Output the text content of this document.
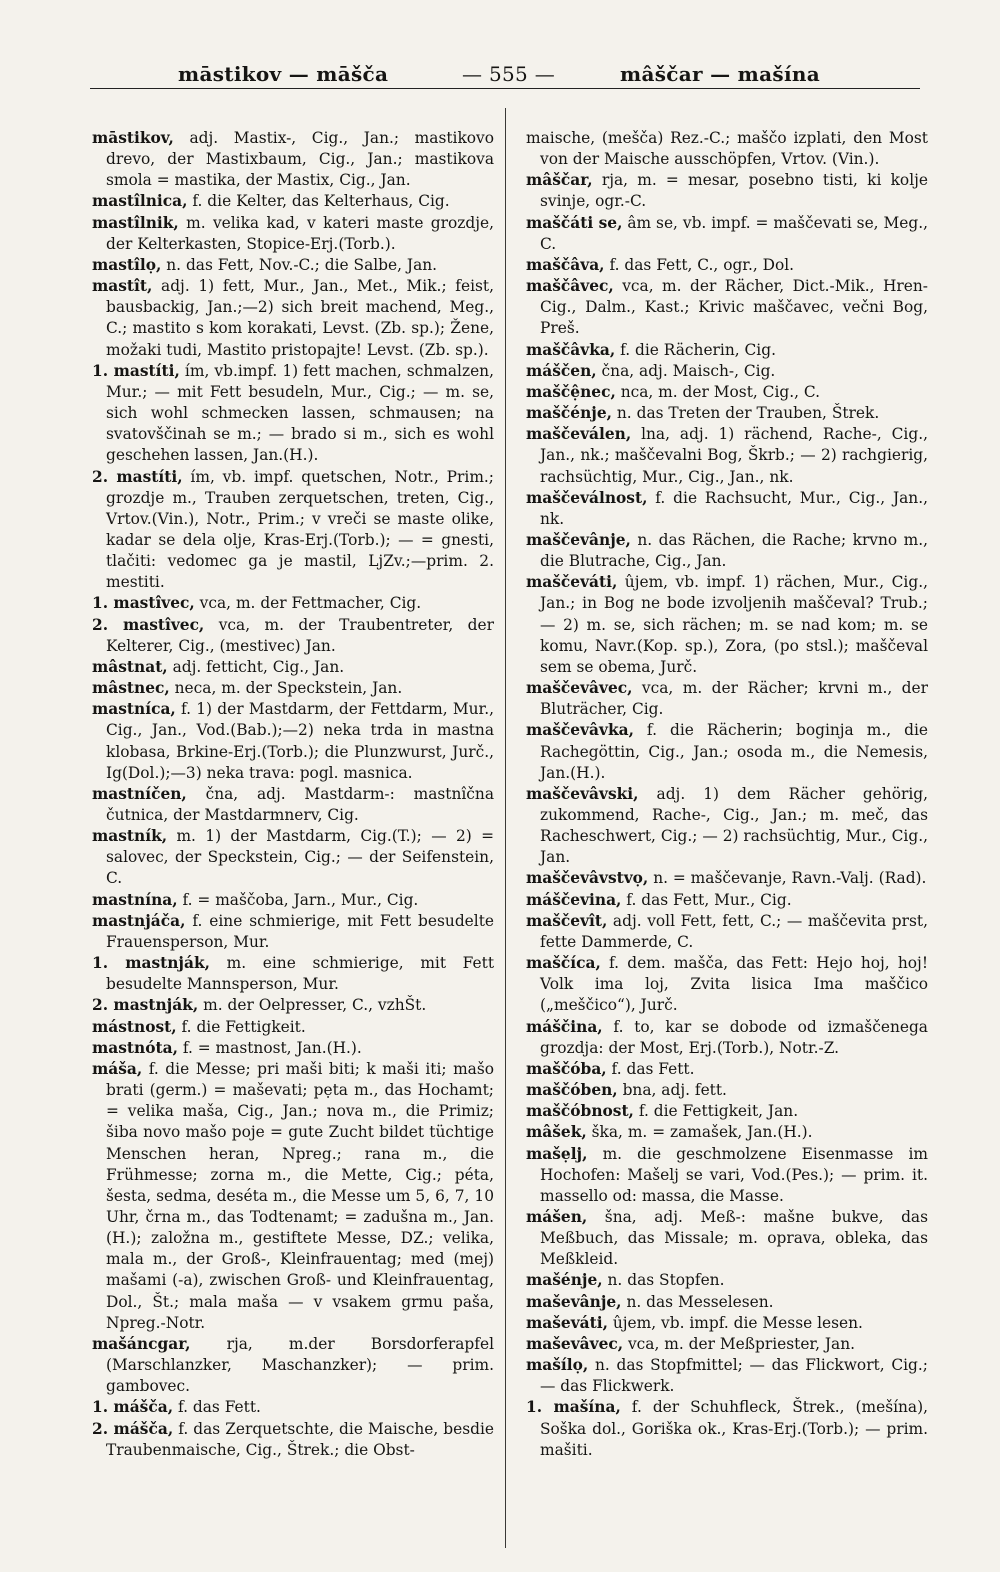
māstikov — māšča	— 555 —	mâščar — mašína

māstikov, adj. Mastix-, Cig., Jan.; mastikovo drevo, der Mastixbaum, Cig., Jan.; mastikova smola = mastika, der Mastix, Cig., Jan.

mastîlnica, f. die Kelter, das Kelterhaus, Cig.

mastîlnik, m. velika kad, v kateri maste grozdje, der Kelterkasten, Stopice-Erj.(Torb.).

mastîlọ, n. das Fett, Nov.-C.; die Salbe, Jan.

mastît, adj. 1) fett, Mur., Jan., Met., Mik.; feist, bausbackig, Jan.;—2) sich breit machend, Meg., C.; mastito s kom korakati, Levst. (Zb. sp.); Žene, možaki tudi, Mastito pristopajte! Levst. (Zb. sp.).

1. mastíti, ím, vb.impf. 1) fett machen, schmalzen, Mur.; — mit Fett besudeln, Mur., Cig.; — m. se, sich wohl schmecken lassen, schmausen; na svatovščinah se m.; — brado si m., sich es wohl geschehen lassen, Jan.(H.).

2. mastíti, ím, vb. impf. quetschen, Notr., Prim.; grozdje m., Trauben zerquetschen, treten, Cig., Vrtov.(Vin.), Notr., Prim.; v vreči se maste olike, kadar se dela olje, Kras-Erj.(Torb.); — = gnesti, tlačiti: vedomec ga je mastil, LjZv.;—prim. 2. mestiti.

1. mastîvec, vca, m. der Fettmacher, Cig.

2. mastîvec, vca, m. der Traubentreter, der Kelterer, Cig., (mestivec) Jan.

mâstnat, adj. fetticht, Cig., Jan.

mâstnec, neca, m. der Speckstein, Jan.

mastníca, f. 1) der Mastdarm, der Fettdarm, Mur., Cig., Jan., Vod.(Bab.);—2) neka trda in mastna klobasa, Brkine-Erj.(Torb.); die Plunzwurst, Jurč., Ig(Dol.);—3) neka trava: pogl. masnica.

mastníčen, čna, adj. Mastdarm-: mastnîčna čutnica, der Mastdarmnerv, Cig.

mastník, m. 1) der Mastdarm, Cig.(T.); — 2) = salovec, der Speckstein, Cig.; — der Seifenstein, C.

mastnína, f. = maščoba, Jarn., Mur., Cig.

mastnjáča, f. eine schmierige, mit Fett besudelte Frauensperson, Mur.

1. mastnják, m. eine schmierige, mit Fett besudelte Mannsperson, Mur.

2. mastnják, m. der Oelpresser, C., vzhŠt.

mástnost, f. die Fettigkeit.

mastnóta, f. = mastnost, Jan.(H.).

máša, f. die Messe; pri maši biti; k maši iti; mašo brati (germ.) = maševati; pẹta m., das Hochamt; = velika maša, Cig., Jan.; nova m., die Primiz; šiba novo mašo poje = gute Zucht bildet tüchtige Menschen heran, Npreg.; rana m., die Frühmesse; zorna m., die Mette, Cig.; péta, šesta, sedma, deséta m., die Messe um 5, 6, 7, 10 Uhr, črna m., das Todtenamt; = zadušna m., Jan.(H.); založna m., gestiftete Messe, DZ.; velika, mala m., der Groß-, Kleinfrauentag; med (mej) mašami (-a), zwischen Groß- und Kleinfrauentag, Dol., Št.; mala maša — v vsakem grmu paša, Npreg.-Notr.

mašáncgar, rja, m.der Borsdorferapfel (Marschlanzker, Maschanzker); — prim. gambovec.

1. mášča, f. das Fett.

2. mášča, f. das Zerquetschte, die Maische, besdie Traubenmaische, Cig., Štrek.; die Obst-

maische, (mešča) Rez.-C.; maščo izplati, den Most von der Maische ausschöpfen, Vrtov. (Vin.).

mâščar, rja, m. = mesar, posebno tisti, ki kolje svinje, ogr.-C.

maščáti se, âm se, vb. impf. = maščevati se, Meg., C.

maščâva, f. das Fett, C., ogr., Dol.

maščâvec, vca, m. der Rächer, Dict.-Mik., Hren-Cig., Dalm., Kast.; Krivic maščavec, večni Bog, Preš.

maščâvka, f. die Rächerin, Cig.

máščen, čna, adj. Maisch-, Cig.

maščệnec, nca, m. der Most, Cig., C.

maščénje, n. das Treten der Trauben, Štrek.

maščeválen, lna, adj. 1) rächend, Rache-, Cig., Jan., nk.; maščevalni Bog, Škrb.; — 2) rachgierig, rachsüchtig, Mur., Cig., Jan., nk.

maščeválnost, f. die Rachsucht, Mur., Cig., Jan., nk.

maščevânje, n. das Rächen, die Rache; krvno m., die Blutrache, Cig., Jan.

maščeváti, ûjem, vb. impf. 1) rächen, Mur., Cig., Jan.; in Bog ne bode izvoljenih maščeval? Trub.; — 2) m. se, sich rächen; m. se nad kom; m. se komu, Navr.(Kop. sp.), Zora, (po stsl.); maščeval sem se obema, Jurč.

maščevâvec, vca, m. der Rächer; krvni m., der Bluträcher, Cig.

maščevâvka, f. die Rächerin; boginja m., die Rachegöttin, Cig., Jan.; osoda m., die Nemesis, Jan.(H.).

maščevâvski, adj. 1) dem Rächer gehörig, zukommend, Rache-, Cig., Jan.; m. meč, das Racheschwert, Cig.; — 2) rachsüchtig, Mur., Cig., Jan.

maščevâvstvọ, n. = maščevanje, Ravn.-Valj. (Rad).

máščevina, f. das Fett, Mur., Cig.

maščevît, adj. voll Fett, fett, C.; — maščevita prst, fette Dammerde, C.

maščíca, f. dem. mašča, das Fett: Hejo hoj, hoj! Volk ima loj, Zvita lisica Ima maščico („meščico“), Jurč.

máščina, f. to, kar se dobode od izmaščenega grozdja: der Most, Erj.(Torb.), Notr.-Z.

maščóba, f. das Fett.

maščóben, bna, adj. fett.

maščóbnost, f. die Fettigkeit, Jan.

mâšek, ška, m. = zamašek, Jan.(H.).

mašẹlj, m. die geschmolzene Eisenmasse im Hochofen: Mašelj se vari, Vod.(Pes.); — prim. it. massello od: massa, die Masse.

mášen, šna, adj. Meß-: mašne bukve, das Meßbuch, das Missale; m. oprava, obleka, das Meßkleid.

mašénje, n. das Stopfen.

maševânje, n. das Messelesen.

maševáti, ûjem, vb. impf. die Messe lesen.

maševâvec, vca, m. der Meßpriester, Jan.

mašílọ, n. das Stopfmittel; — das Flickwort, Cig.; — das Flickwerk.

1. mašína, f. der Schuhfleck, Štrek., (mešína), Soška dol., Goriška ok., Kras-Erj.(Torb.); — prim. mašiti.
